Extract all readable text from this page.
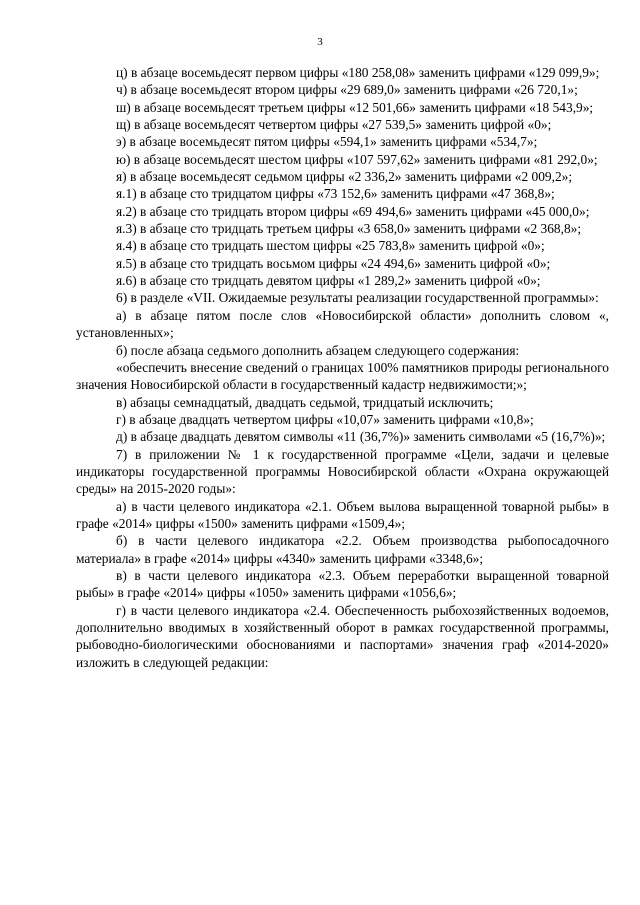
3

ц) в абзаце восемьдесят первом цифры «180 258,08» заменить цифрами «129 099,9»;

ч) в абзаце восемьдесят втором цифры «29 689,0» заменить цифрами «26 720,1»;

ш) в абзаце восемьдесят третьем цифры «12 501,66» заменить цифрами «18 543,9»;

щ) в абзаце восемьдесят четвертом цифры «27 539,5» заменить цифрой «0»;

э) в абзаце восемьдесят пятом цифры «594,1» заменить цифрами «534,7»;

ю) в абзаце восемьдесят шестом цифры «107 597,62» заменить цифрами «81 292,0»;

я) в абзаце восемьдесят седьмом цифры «2 336,2» заменить цифрами «2 009,2»;

я.1) в абзаце сто тридцатом цифры «73 152,6» заменить цифрами «47 368,8»;

я.2) в абзаце сто тридцать втором цифры «69 494,6» заменить цифрами «45 000,0»;

я.3) в абзаце сто тридцать третьем цифры «3 658,0» заменить цифрами «2 368,8»;

я.4) в абзаце сто тридцать шестом цифры «25 783,8» заменить цифрой «0»;

я.5) в абзаце сто тридцать восьмом цифры «24 494,6» заменить цифрой «0»;

я.6) в абзаце сто тридцать девятом цифры «1 289,2» заменить цифрой «0»;

6) в разделе «VII. Ожидаемые результаты реализации государственной программы»:

а) в абзаце пятом после слов «Новосибирской области» дополнить словом «, установленных»;

б) после абзаца седьмого дополнить абзацем следующего содержания:

«обеспечить внесение сведений о границах 100% памятников природы регионального значения Новосибирской области в государственный кадастр недвижимости;»;

в) абзацы семнадцатый, двадцать седьмой, тридцатый исключить;

г) в абзаце двадцать четвертом цифры «10,07» заменить цифрами «10,8»;

д) в абзаце двадцать девятом символы «11 (36,7%)» заменить символами «5 (16,7%)»;

7) в приложении № 1 к государственной программе «Цели, задачи и целевые индикаторы государственной программы Новосибирской области «Охрана окружающей среды» на 2015-2020 годы»:

а) в части целевого индикатора «2.1. Объем вылова выращенной товарной рыбы» в графе «2014» цифры «1500» заменить цифрами «1509,4»;

б) в части целевого индикатора «2.2. Объем производства рыбопосадочного материала» в графе «2014» цифры «4340» заменить цифрами «3348,6»;

в) в части целевого индикатора «2.3. Объем переработки выращенной товарной рыбы» в графе «2014» цифры «1050» заменить цифрами «1056,6»;

г) в части целевого индикатора «2.4. Обеспеченность рыбохозяйственных водоемов, дополнительно вводимых в хозяйственный оборот в рамках государственной программы, рыбоводно-биологическими обоснованиями и паспортами» значения граф «2014-2020» изложить в следующей редакции:
